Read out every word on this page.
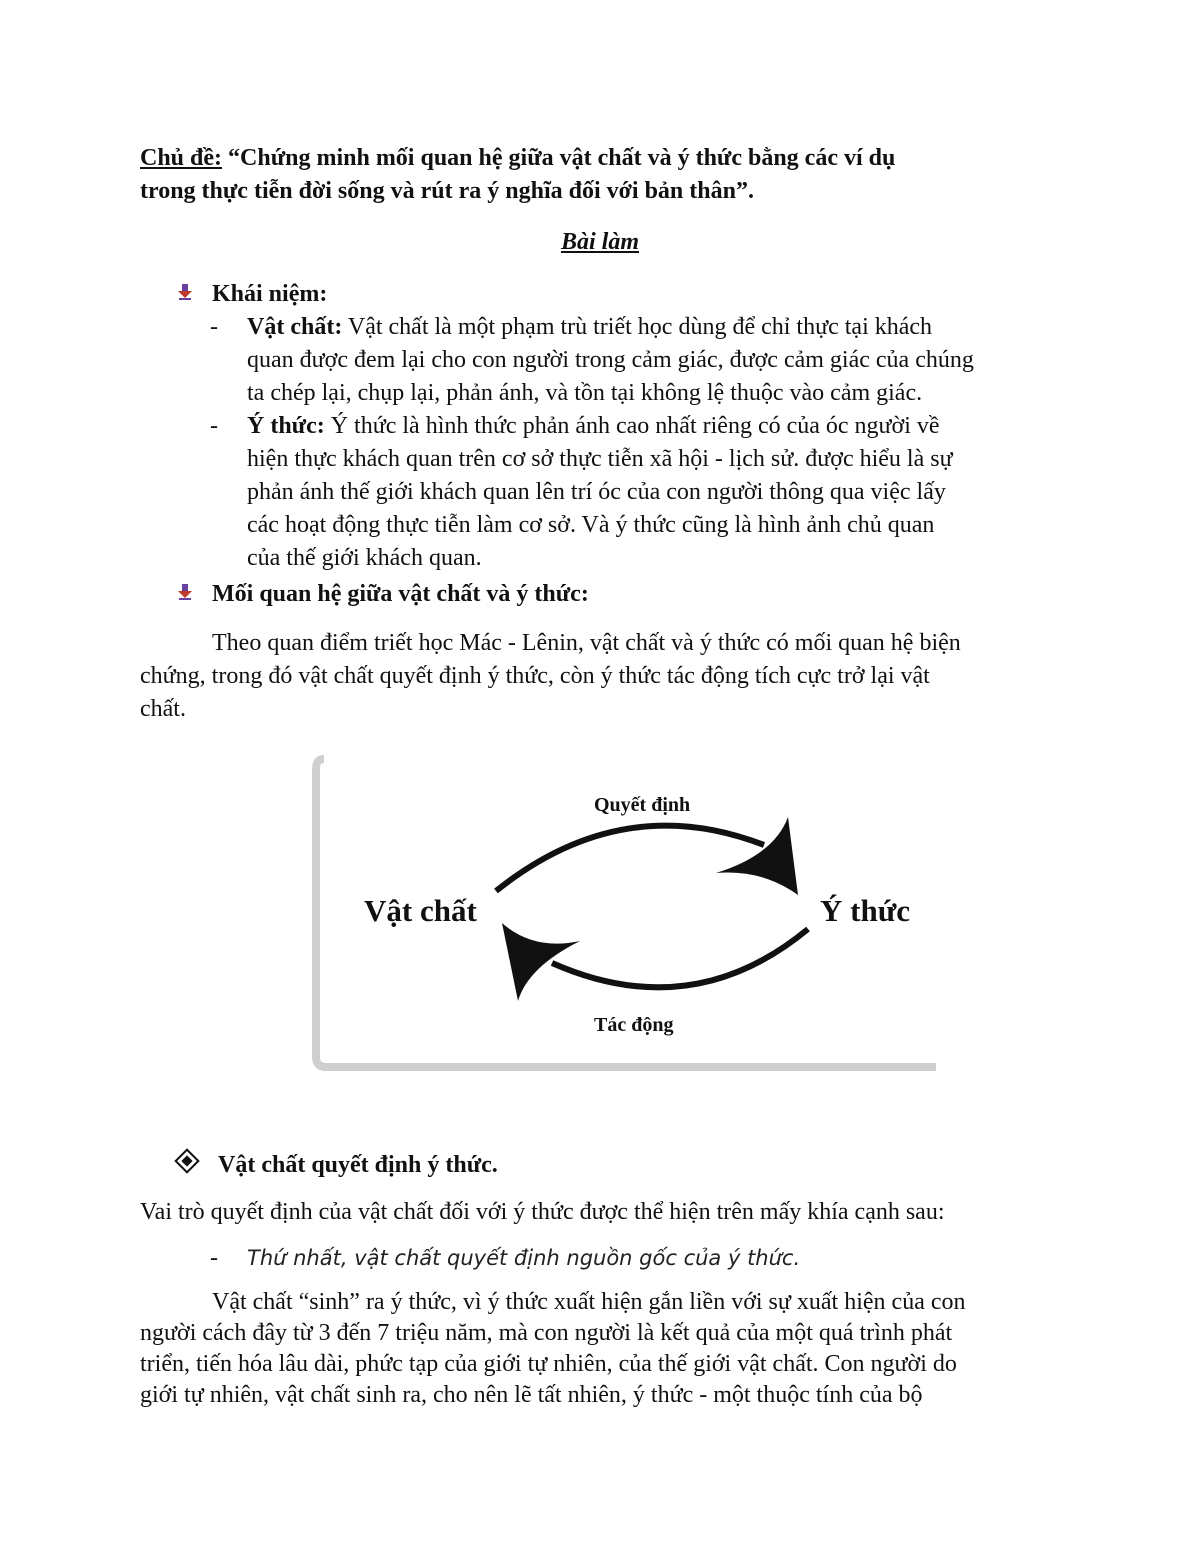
Chủ đề: “Chứng minh mối quan hệ giữa vật chất và ý thức bằng các ví dụ

trong thực tiễn đời sống và rút ra ý nghĩa đối với bản thân”.

Bài làm
Khái niệm:
-	Vật chất: Vật chất là một phạm trù triết học dùng để chỉ thực tại khách
quan được đem lại cho con người trong cảm giác, được cảm giác của chúng
ta chép lại, chụp lại, phản ánh, và tồn tại không lệ thuộc vào cảm giác.
-	Ý thức: Ý thức là hình thức phản ánh cao nhất riêng có của óc người về
hiện thực khách quan trên cơ sở thực tiễn xã hội - lịch sử. được hiểu là sự
phản ánh thế giới khách quan lên trí óc của con người thông qua việc lấy
các hoạt động thực tiễn làm cơ sở. Và ý thức cũng là hình ảnh chủ quan
của thế giới khách quan.
Mối quan hệ giữa vật chất và ý thức:
Theo quan điểm triết học Mác - Lênin, vật chất và ý thức có mối quan hệ biện
chứng, trong đó vật chất quyết định ý thức, còn ý thức tác động tích cực trở lại vật
chất.
Vật chất	Ý thức
Quyết định
Tác động
Vật chất quyết định ý thức.
Vai trò quyết định của vật chất đối với ý thức được thể hiện trên mấy khía cạnh sau:
-	Thứ nhất, vật chất quyết định nguồn gốc của ý thức.
Vật chất “sinh” ra ý thức, vì ý thức xuất hiện gắn liền với sự xuất hiện của con
người cách đây từ 3 đến 7 triệu năm, mà con người là kết quả của một quá trình phát
triển, tiến hóa lâu dài, phức tạp của giới tự nhiên, của thế giới vật chất. Con người do
giới tự nhiên, vật chất sinh ra, cho nên lẽ tất nhiên, ý thức - một thuộc tính của bộ
